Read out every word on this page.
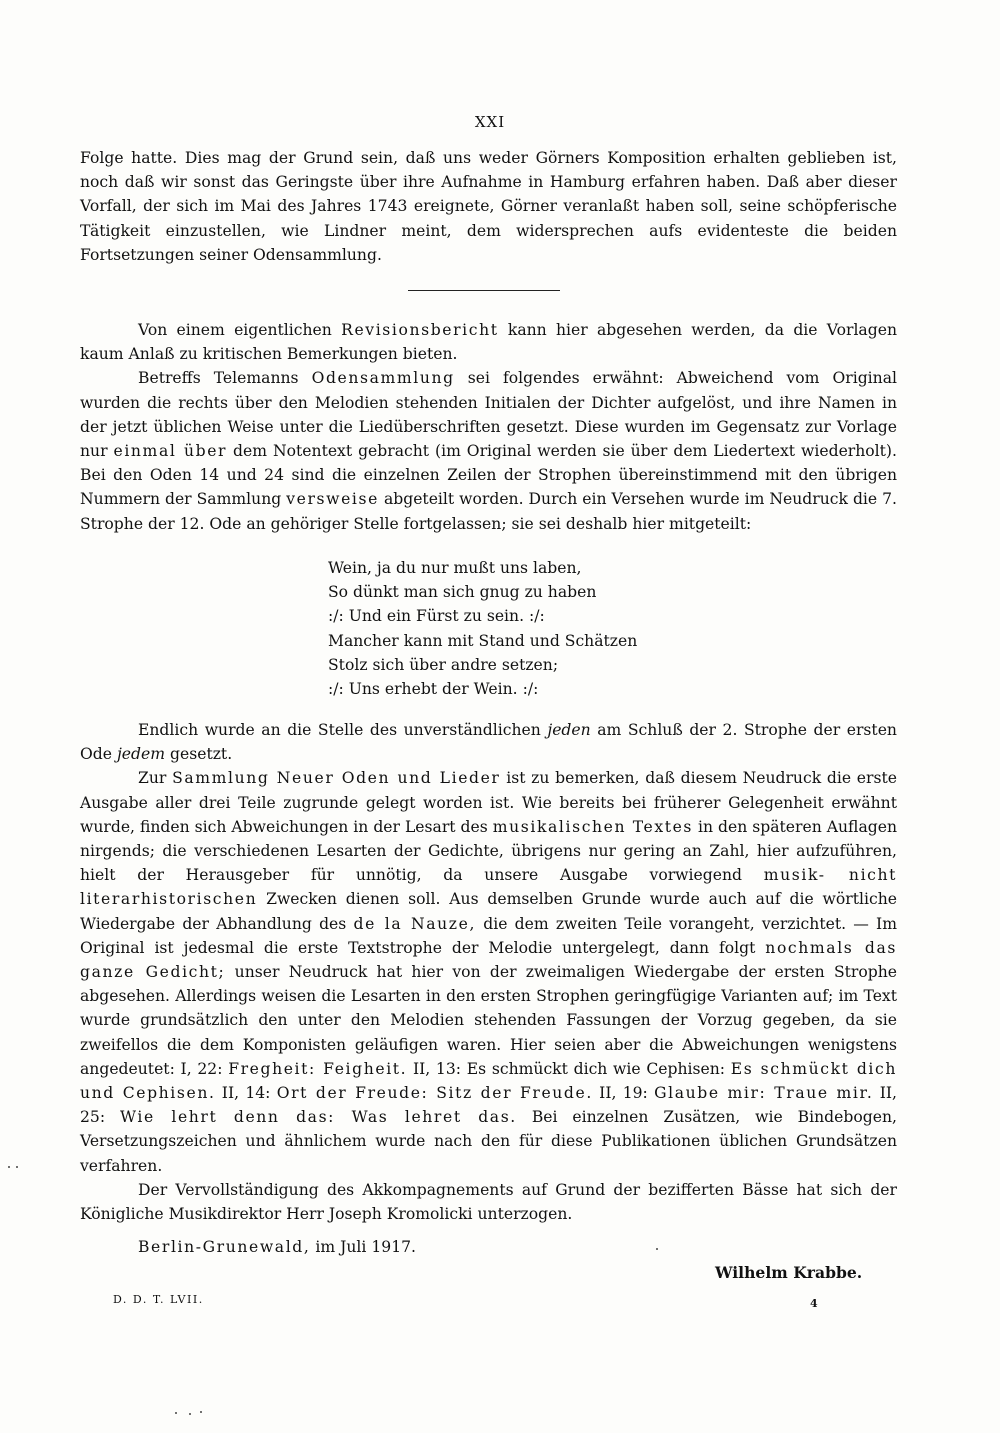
XXI

Folge hatte. Dies mag der Grund sein, daß uns weder Görners Komposition erhalten geblieben ist, noch daß wir sonst das Geringste über ihre Aufnahme in Hamburg erfahren haben. Daß aber dieser Vorfall, der sich im Mai des Jahres 1743 ereignete, Görner veranlaßt haben soll, seine schöpferische Tätigkeit einzustellen, wie Lindner meint, dem widersprechen aufs evidenteste die beiden Fortsetzungen seiner Odensammlung.

Von einem eigentlichen Revisionsbericht kann hier abgesehen werden, da die Vorlagen kaum Anlaß zu kritischen Bemerkungen bieten.

Betreffs Telemanns Odensammlung sei folgendes erwähnt: Abweichend vom Original wurden die rechts über den Melodien stehenden Initialen der Dichter aufgelöst, und ihre Namen in der jetzt üblichen Weise unter die Liedüberschriften gesetzt. Diese wurden im Gegensatz zur Vorlage nur einmal über dem Notentext gebracht (im Original werden sie über dem Liedertext wiederholt). Bei den Oden 14 und 24 sind die einzelnen Zeilen der Strophen übereinstimmend mit den übrigen Nummern der Sammlung versweise abgeteilt worden. Durch ein Versehen wurde im Neudruck die 7. Strophe der 12. Ode an gehöriger Stelle fortgelassen; sie sei deshalb hier mitgeteilt:

Wein, ja du nur mußt uns laben,
So dünkt man sich gnug zu haben
:/: Und ein Fürst zu sein. :/:
Mancher kann mit Stand und Schätzen
Stolz sich über andre setzen;
:/: Uns erhebt der Wein. :/:

Endlich wurde an die Stelle des unverständlichen jeden am Schluß der 2. Strophe der ersten Ode jedem gesetzt.

Zur Sammlung Neuer Oden und Lieder ist zu bemerken, daß diesem Neudruck die erste Ausgabe aller drei Teile zugrunde gelegt worden ist. Wie bereits bei früherer Gelegenheit erwähnt wurde, finden sich Abweichungen in der Lesart des musikalischen Textes in den späteren Auflagen nirgends; die verschiedenen Lesarten der Gedichte, übrigens nur gering an Zahl, hier aufzuführen, hielt der Herausgeber für unnötig, da unsere Ausgabe vorwiegend musik- nicht literarhistorischen Zwecken dienen soll. Aus demselben Grunde wurde auch auf die wörtliche Wiedergabe der Abhandlung des de la Nauze, die dem zweiten Teile vorangeht, verzichtet. — Im Original ist jedesmal die erste Textstrophe der Melodie untergelegt, dann folgt nochmals das ganze Gedicht; unser Neudruck hat hier von der zweimaligen Wiedergabe der ersten Strophe abgesehen. Allerdings weisen die Lesarten in den ersten Strophen geringfügige Varianten auf; im Text wurde grundsätzlich den unter den Melodien stehenden Fassungen der Vorzug gegeben, da sie zweifellos die dem Komponisten geläufigen waren. Hier seien aber die Abweichungen wenigstens angedeutet: I, 22: Fregheit: Feigheit. II, 13: Es schmückt dich wie Cephisen: Es schmückt dich und Cephisen. II, 14: Ort der Freude: Sitz der Freude. II, 19: Glaube mir: Traue mir. II, 25: Wie lehrt denn das: Was lehret das. Bei einzelnen Zusätzen, wie Bindebogen, Versetzungszeichen und ähnlichem wurde nach den für diese Publikationen üblichen Grundsätzen verfahren.

Der Vervollständigung des Akkompagnements auf Grund der bezifferten Bässe hat sich der Königliche Musikdirektor Herr Joseph Kromolicki unterzogen.

Berlin-Grunewald, im Juli 1917.
Wilhelm Krabbe.
D. D. T. LVII.	4
